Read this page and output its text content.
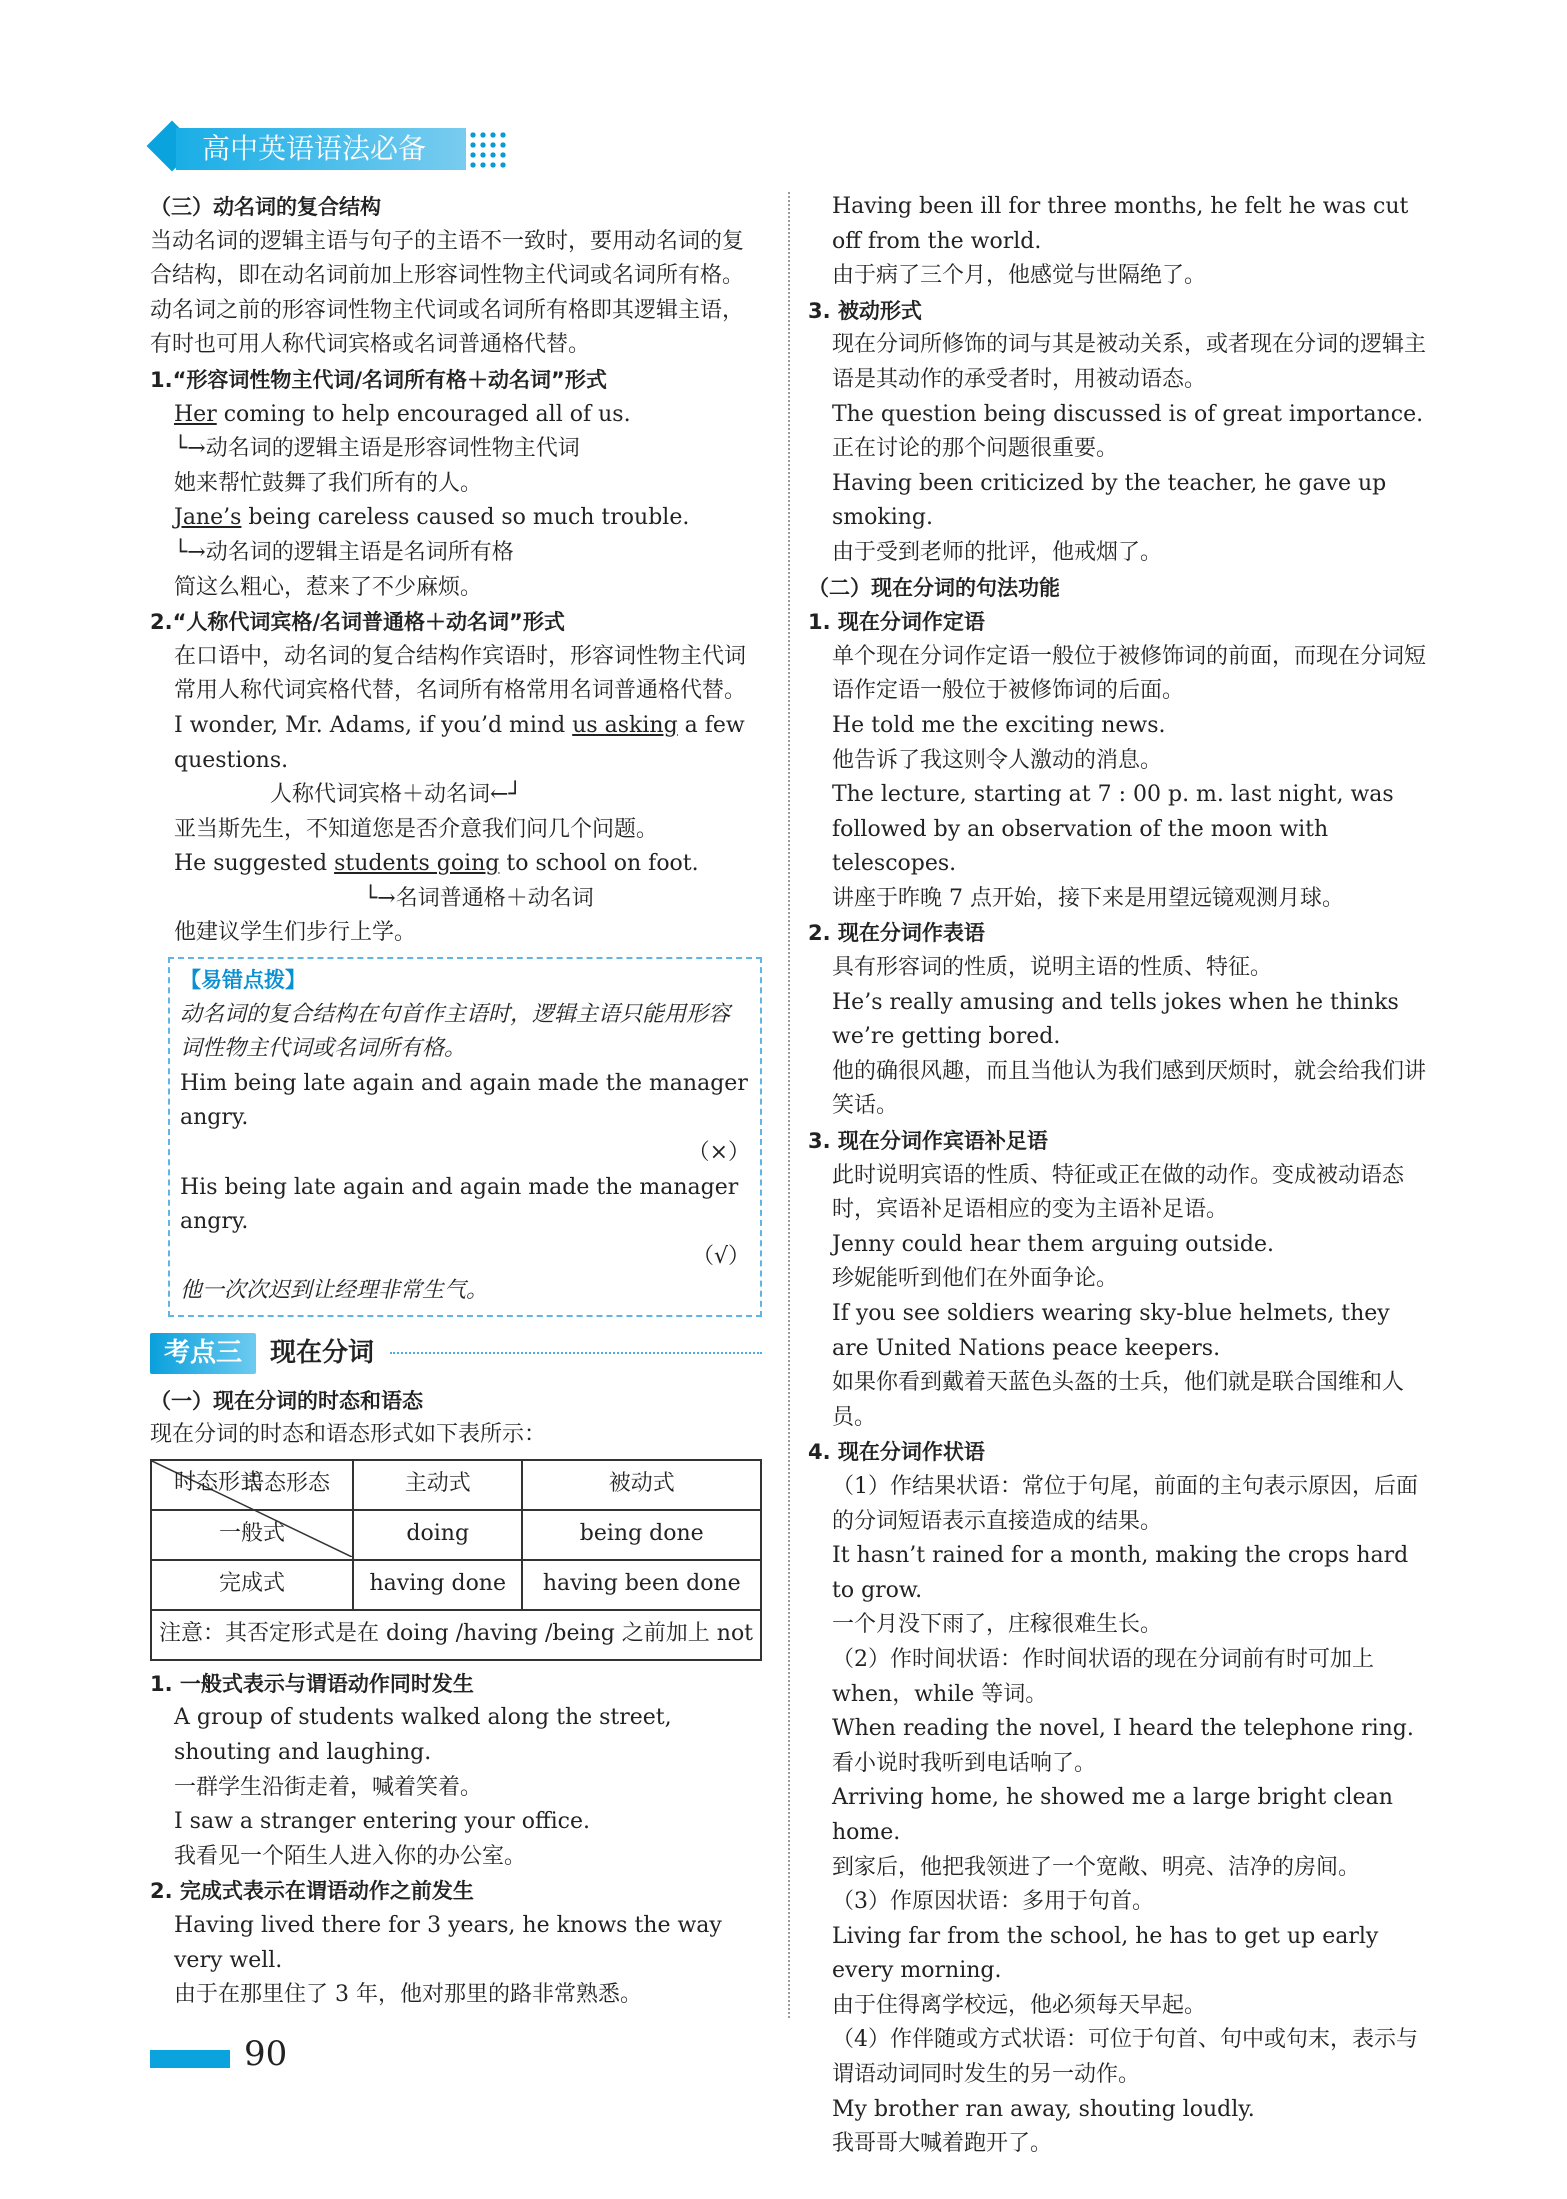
高中英语语法必备

（三）动名词的复合结构

当动名词的逻辑主语与句子的主语不一致时，要用动名词的复合结构，即在动名词前加上形容词性物主代词或名词所有格。动名词之前的形容词性物主代词或名词所有格即其逻辑主语，有时也可用人称代词宾格或名词普通格代替。

1.“形容词性物主代词/名词所有格＋动名词”形式

Her coming to help encouraged all of us.

└→动名词的逻辑主语是形容词性物主代词

她来帮忙鼓舞了我们所有的人。

Jane’s being careless caused so much trouble.

└→动名词的逻辑主语是名词所有格

简这么粗心，惹来了不少麻烦。

2.“人称代词宾格/名词普通格＋动名词”形式

在口语中，动名词的复合结构作宾语时，形容词性物主代词常用人称代词宾格代替，名词所有格常用名词普通格代替。

I wonder, Mr. Adams, if you’d mind us asking a few questions.

人称代词宾格＋动名词←┘

亚当斯先生，不知道您是否介意我们问几个问题。

He suggested students going to school on foot.

└→名词普通格＋动名词

他建议学生们步行上学。

【易错点拨】
动名词的复合结构在句首作主语时，逻辑主语只能用形容词性物主代词或名词所有格。
Him being late again and again made the manager angry.
（×）
His being late again and again made the manager angry.
（√）
他一次次迟到让经理非常生气。
考点三	现在分词

（一）现在分词的时态和语态

现在分词的时态和语态形式如下表所示：

语态形态
时态形式	主动式	被动式
一般式	doing	being done
完成式	having done	having been done
注意：其否定形式是在 doing /having /being 之前加上 not		

1. 一般式表示与谓语动作同时发生

A group of students walked along the street, shouting and laughing.

一群学生沿街走着，喊着笑着。

I saw a stranger entering your office.

我看见一个陌生人进入你的办公室。

2. 完成式表示在谓语动作之前发生

Having lived there for 3 years, he knows the way very well.

由于在那里住了 3 年，他对那里的路非常熟悉。

Having been ill for three months, he felt he was cut off from the world.

由于病了三个月，他感觉与世隔绝了。

3. 被动形式

现在分词所修饰的词与其是被动关系，或者现在分词的逻辑主语是其动作的承受者时，用被动语态。

The question being discussed is of great importance.

正在讨论的那个问题很重要。

Having been criticized by the teacher, he gave up smoking.

由于受到老师的批评，他戒烟了。

（二）现在分词的句法功能

1. 现在分词作定语

单个现在分词作定语一般位于被修饰词的前面，而现在分词短语作定语一般位于被修饰词的后面。

He told me the exciting news.

他告诉了我这则令人激动的消息。

The lecture, starting at 7 : 00 p. m. last night, was followed by an observation of the moon with telescopes.

讲座于昨晚 7 点开始，接下来是用望远镜观测月球。

2. 现在分词作表语

具有形容词的性质，说明主语的性质、特征。

He’s really amusing and tells jokes when he thinks we’re getting bored.

他的确很风趣，而且当他认为我们感到厌烦时，就会给我们讲笑话。

3. 现在分词作宾语补足语

此时说明宾语的性质、特征或正在做的动作。变成被动语态时，宾语补足语相应的变为主语补足语。

Jenny could hear them arguing outside.

珍妮能听到他们在外面争论。

If you see soldiers wearing sky-blue helmets, they are United Nations peace keepers.

如果你看到戴着天蓝色头盔的士兵，他们就是联合国维和人员。

4. 现在分词作状语

（1）作结果状语：常位于句尾，前面的主句表示原因，后面的分词短语表示直接造成的结果。

It hasn’t rained for a month, making the crops hard to grow.

一个月没下雨了，庄稼很难生长。

（2）作时间状语：作时间状语的现在分词前有时可加上 when，while 等词。

When reading the novel, I heard the telephone ring.

看小说时我听到电话响了。

Arriving home, he showed me a large bright clean home.

到家后，他把我领进了一个宽敞、明亮、洁净的房间。

（3）作原因状语：多用于句首。

Living far from the school, he has to get up early every morning.

由于住得离学校远，他必须每天早起。

（4）作伴随或方式状语：可位于句首、句中或句末，表示与谓语动词同时发生的另一动作。

My brother ran away, shouting loudly.

我哥哥大喊着跑开了。

90
